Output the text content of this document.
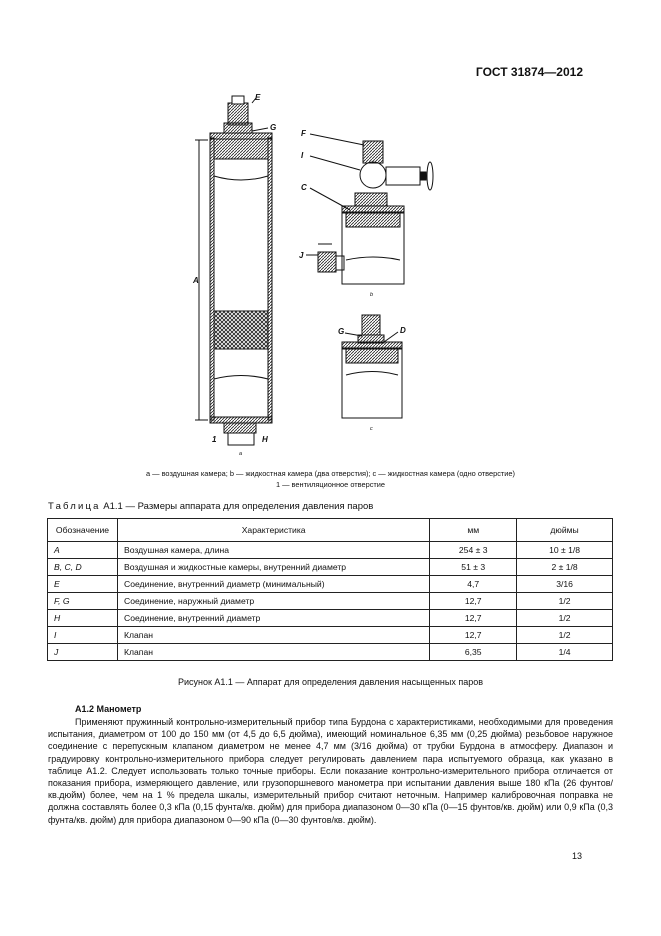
ГОСТ 31874—2012
E
G
A
1	H
F
I
C
J
G	D
a
b
c
a — воздушная камера; b — жидкостная камера (два отверстия); c — жидкостная камера (одно отверстие)
1 — вентиляционное отверстие
Таблица А1.1 — Размеры аппарата для определения давления паров
Обозначение	Характеристика	мм	дюймы
A	Воздушная камера, длина	254 ± 3	10 ± 1/8
B, C, D	Воздушная и жидкостные камеры, внутренний диаметр	51 ± 3	2 ± 1/8
E	Соединение, внутренний диаметр (минимальный)	4,7	3/16
F, G	Соединение, наружный диаметр	12,7	1/2
H	Соединение, внутренний диаметр	12,7	1/2
I	Клапан	12,7	1/2
J	Клапан	6,35	1/4
Рисунок А1.1 — Аппарат для определения давления насыщенных паров
А1.2 Манометр

Применяют пружинный контрольно-измерительный прибор типа Бурдона с характеристиками, необходимыми для проведения испытания, диаметром от 100 до 150 мм (от 4,5 до 6,5 дюйма), имеющий номинальное 6,35 мм (0,25 дюйма) резьбовое наружное соединение с перепускным клапаном диаметром не менее 4,7 мм (3/16 дюйма) от трубки Бурдона в атмосферу. Диапазон и градуировку контрольно-измерительного прибора следует регулировать давлением пара испытуемого образца, как указано в таблице А1.2. Следует использовать только точные приборы. Если показание контрольно-измерительного прибора отличается от показания прибора, измеряющего давление, или грузопоршневого манометра при испытании давления выше 180 кПа (26 фунтов/кв.дюйм) более, чем на 1 % предела шкалы, измерительный прибор считают неточным. Например калибровочная поправка не должна составлять более 0,3 кПа (0,15 фунта/кв. дюйм) для прибора диапазоном 0—30 кПа (0—15 фунтов/кв. дюйм) или 0,9 кПа (0,3 фунта/кв. дюйм) для прибора диапазоном 0—90 кПа (0—30 фунтов/кв. дюйм).

13
